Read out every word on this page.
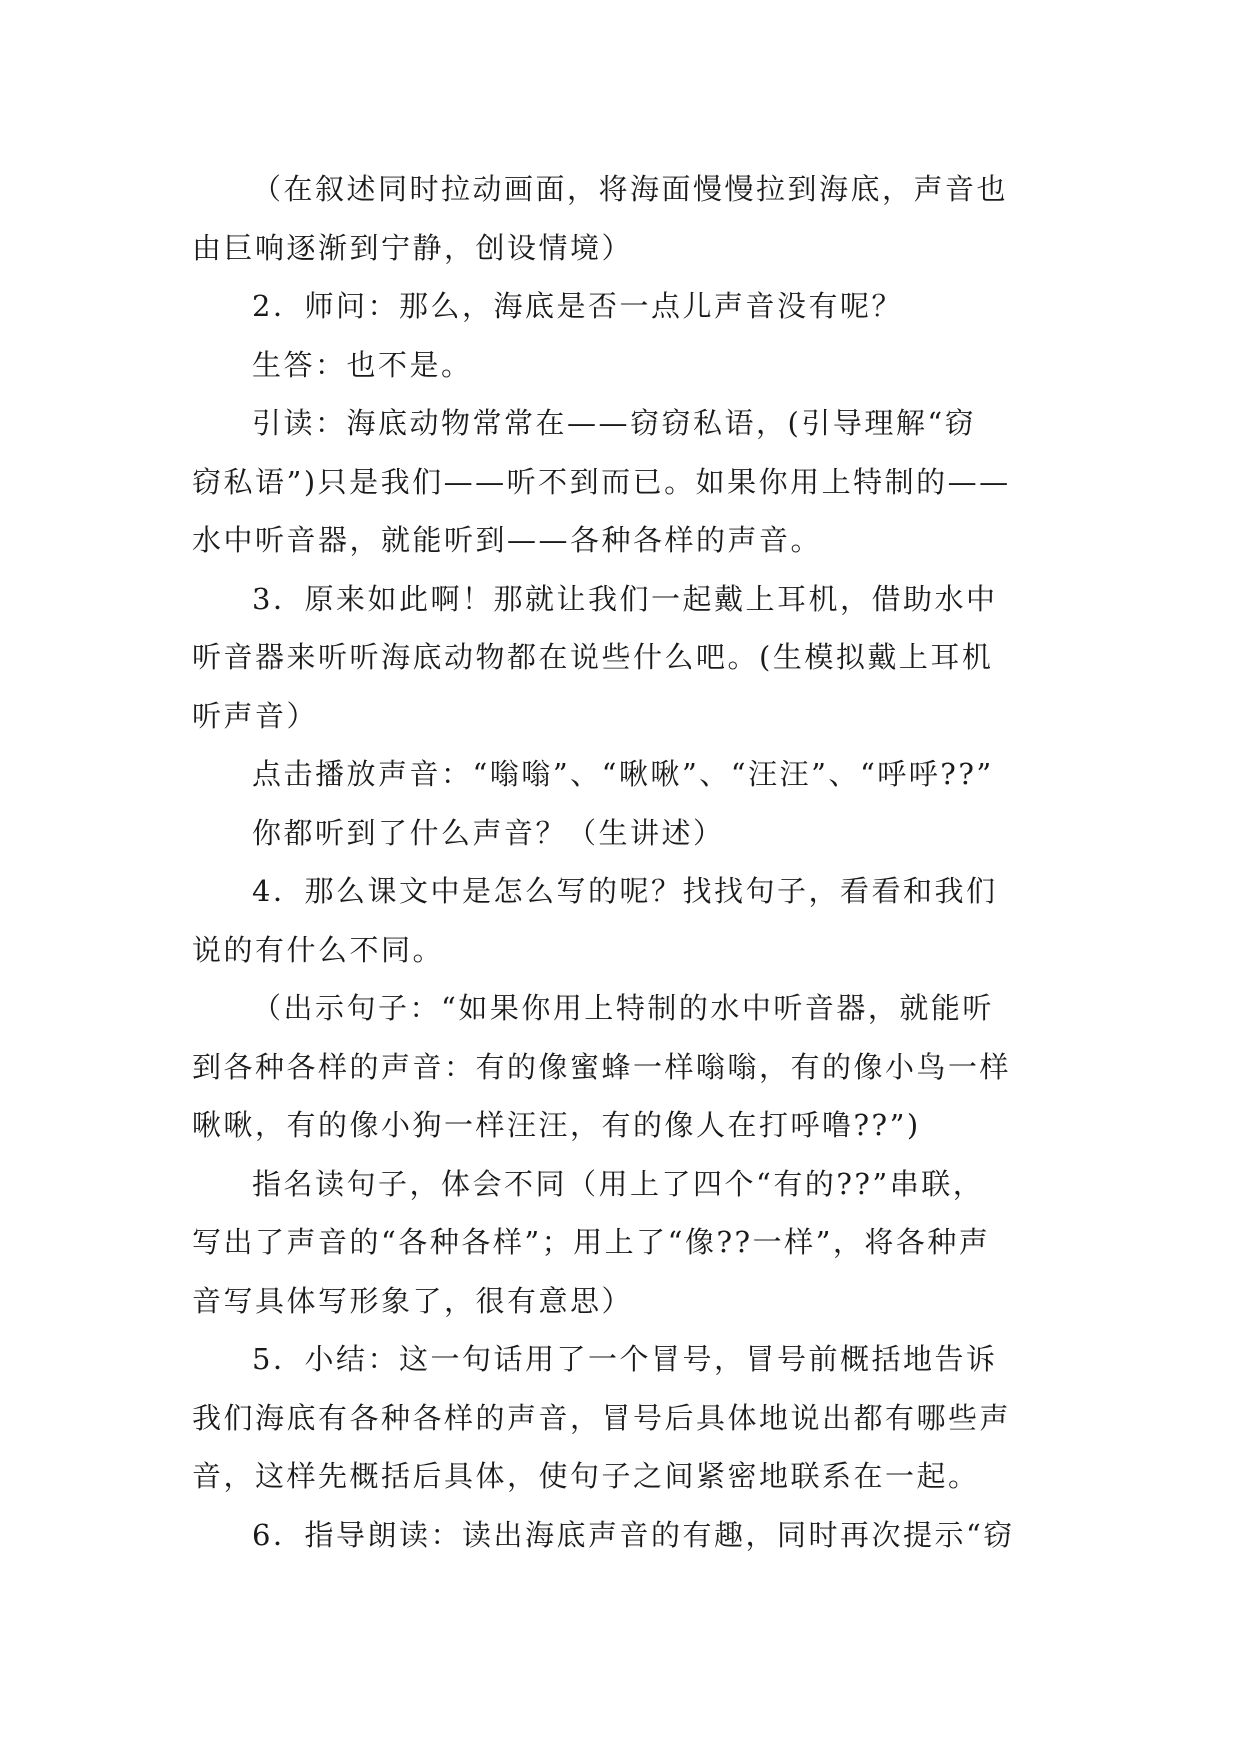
（在叙述同时拉动画面，将海面慢慢拉到海底，声音也
由巨响逐渐到宁静，创设情境）
2．师问：那么，海底是否一点儿声音没有呢？
生答：也不是。
引读：海底动物常常在——窃窃私语，(引导理解“窃
窃私语”)只是我们——听不到而已。如果你用上特制的——
水中听音器，就能听到——各种各样的声音。
3．原来如此啊！那就让我们一起戴上耳机，借助水中
听音器来听听海底动物都在说些什么吧。(生模拟戴上耳机
听声音）
点击播放声音：“嗡嗡”、“啾啾”、“汪汪”、“呼呼??”
你都听到了什么声音？（生讲述）
4．那么课文中是怎么写的呢？找找句子，看看和我们
说的有什么不同。
（出示句子：“如果你用上特制的水中听音器，就能听
到各种各样的声音：有的像蜜蜂一样嗡嗡，有的像小鸟一样
啾啾，有的像小狗一样汪汪，有的像人在打呼噜??”)
指名读句子，体会不同（用上了四个“有的??”串联，
写出了声音的“各种各样”；用上了“像??一样”，将各种声
音写具体写形象了，很有意思）
5．小结：这一句话用了一个冒号，冒号前概括地告诉
我们海底有各种各样的声音，冒号后具体地说出都有哪些声
音，这样先概括后具体，使句子之间紧密地联系在一起。
6．指导朗读：读出海底声音的有趣，同时再次提示“窃
